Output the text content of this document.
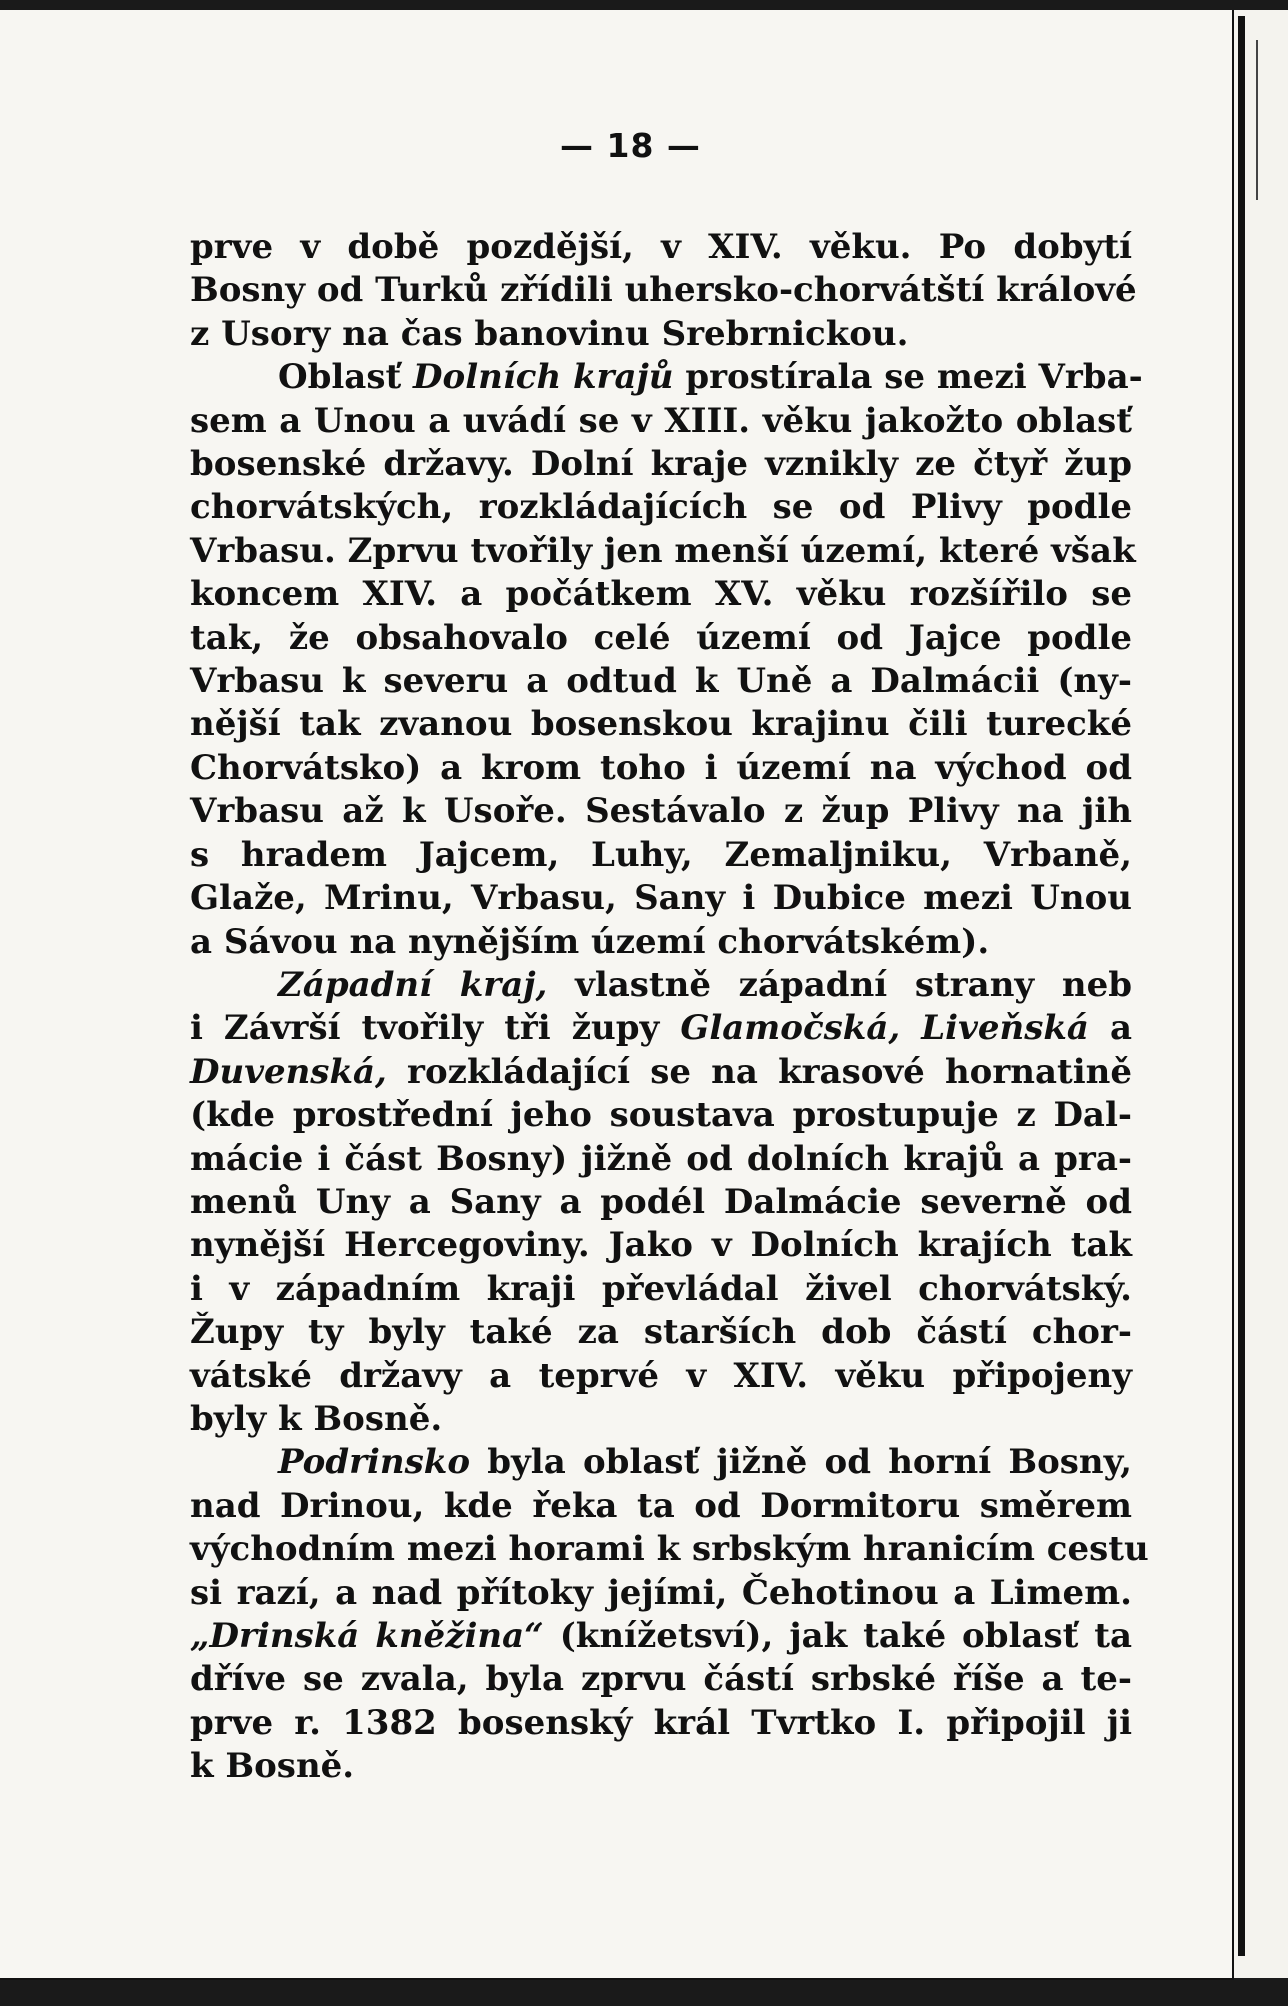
— 18 —
prve v době pozdější, v XIV. věku. Po dobytí
Bosny od Turků zřídili uhersko-chorvátští králové
z Usory na čas banovinu Srebrnickou.
Oblasť Dolních krajů prostírala se mezi Vrba-
sem a Unou a uvádí se v XIII. věku jakožto oblasť
bosenské državy. Dolní kraje vznikly ze čtyř žup
chorvátských, rozkládajících se od Plivy podle
Vrbasu. Zprvu tvořily jen menší území, které však
koncem XIV. a počátkem XV. věku rozšířilo se
tak, že obsahovalo celé území od Jajce podle
Vrbasu k severu a odtud k Uně a Dalmácii (ny-
nější tak zvanou bosenskou krajinu čili turecké
Chorvátsko) a krom toho i území na východ od
Vrbasu až k Usoře. Sestávalo z žup Plivy na jih
s hradem Jajcem, Luhy, Zemaljniku, Vrbaně,
Glaže, Mrinu, Vrbasu, Sany i Dubice mezi Unou
a Sávou na nynějším území chorvátském).
Západní kraj, vlastně západní strany neb
i Závrší tvořily tři župy Glamočská, Liveňská a
Duvenská, rozkládající se na krasové hornatině
(kde prostřední jeho soustava prostupuje z Dal-
mácie i část Bosny) jižně od dolních krajů a pra-
menů Uny a Sany a podél Dalmácie severně od
nynější Hercegoviny. Jako v Dolních krajích tak
i v západním kraji převládal živel chorvátský.
Župy ty byly také za starších dob částí chor-
vátské državy a teprvé v XIV. věku připojeny
byly k Bosně.
Podrinsko byla oblasť jižně od horní Bosny,
nad Drinou, kde řeka ta od Dormitoru směrem
východním mezi horami k srbským hranicím cestu
si razí, a nad přítoky jejími, Čehotinou a Limem.
„Drinská kněžina“ (knížetsví), jak také oblasť ta
dříve se zvala, byla zprvu částí srbské říše a te-
prve r. 1382 bosenský král Tvrtko I. připojil ji
k Bosně.
